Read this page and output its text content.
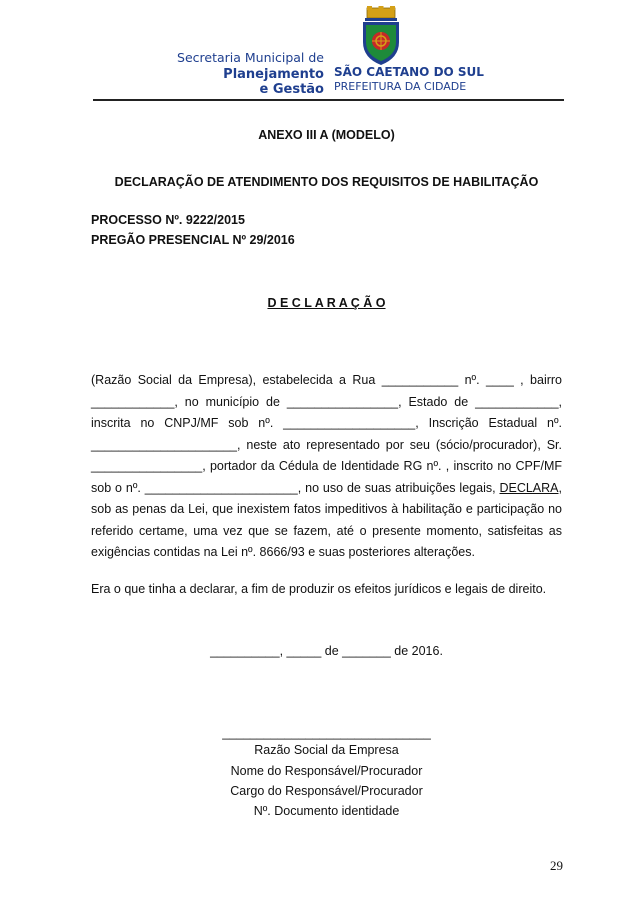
Secretaria Municipal de
Planejamento
e Gestão
SÃO CAETANO DO SUL
PREFEITURA DA CIDADE
ANEXO III A (MODELO)
DECLARAÇÃO DE ATENDIMENTO DOS REQUISITOS DE HABILITAÇÃO
PROCESSO Nº. 9222/2015
PREGÃO PRESENCIAL Nº 29/2016
D E C L A R A Ç Ã O
(Razão Social da Empresa), estabelecida a Rua ___________ nº. ____ , bairro ____________, no município de ________________, Estado de ____________, inscrita no CNPJ/MF sob nº. ___________________, Inscrição Estadual nº. _____________________, neste ato representado por seu (sócio/procurador), Sr. ________________, portador da Cédula de Identidade RG nº. , inscrito no CPF/MF sob o nº. ______________________, no uso de suas atribuições legais, DECLARA, sob as penas da Lei, que inexistem fatos impeditivos à habilitação e participação no referido certame, uma vez que se fazem, até o presente momento, satisfeitas as exigências contidas na Lei nº. 8666/93 e suas posteriores alterações.
Era o que tinha a declarar, a fim de produzir os efeitos jurídicos e legais de direito.
__________, _____ de _______ de 2016.
______________________________
Razão Social da Empresa
Nome do Responsável/Procurador
Cargo do Responsável/Procurador
Nº. Documento identidade
29
